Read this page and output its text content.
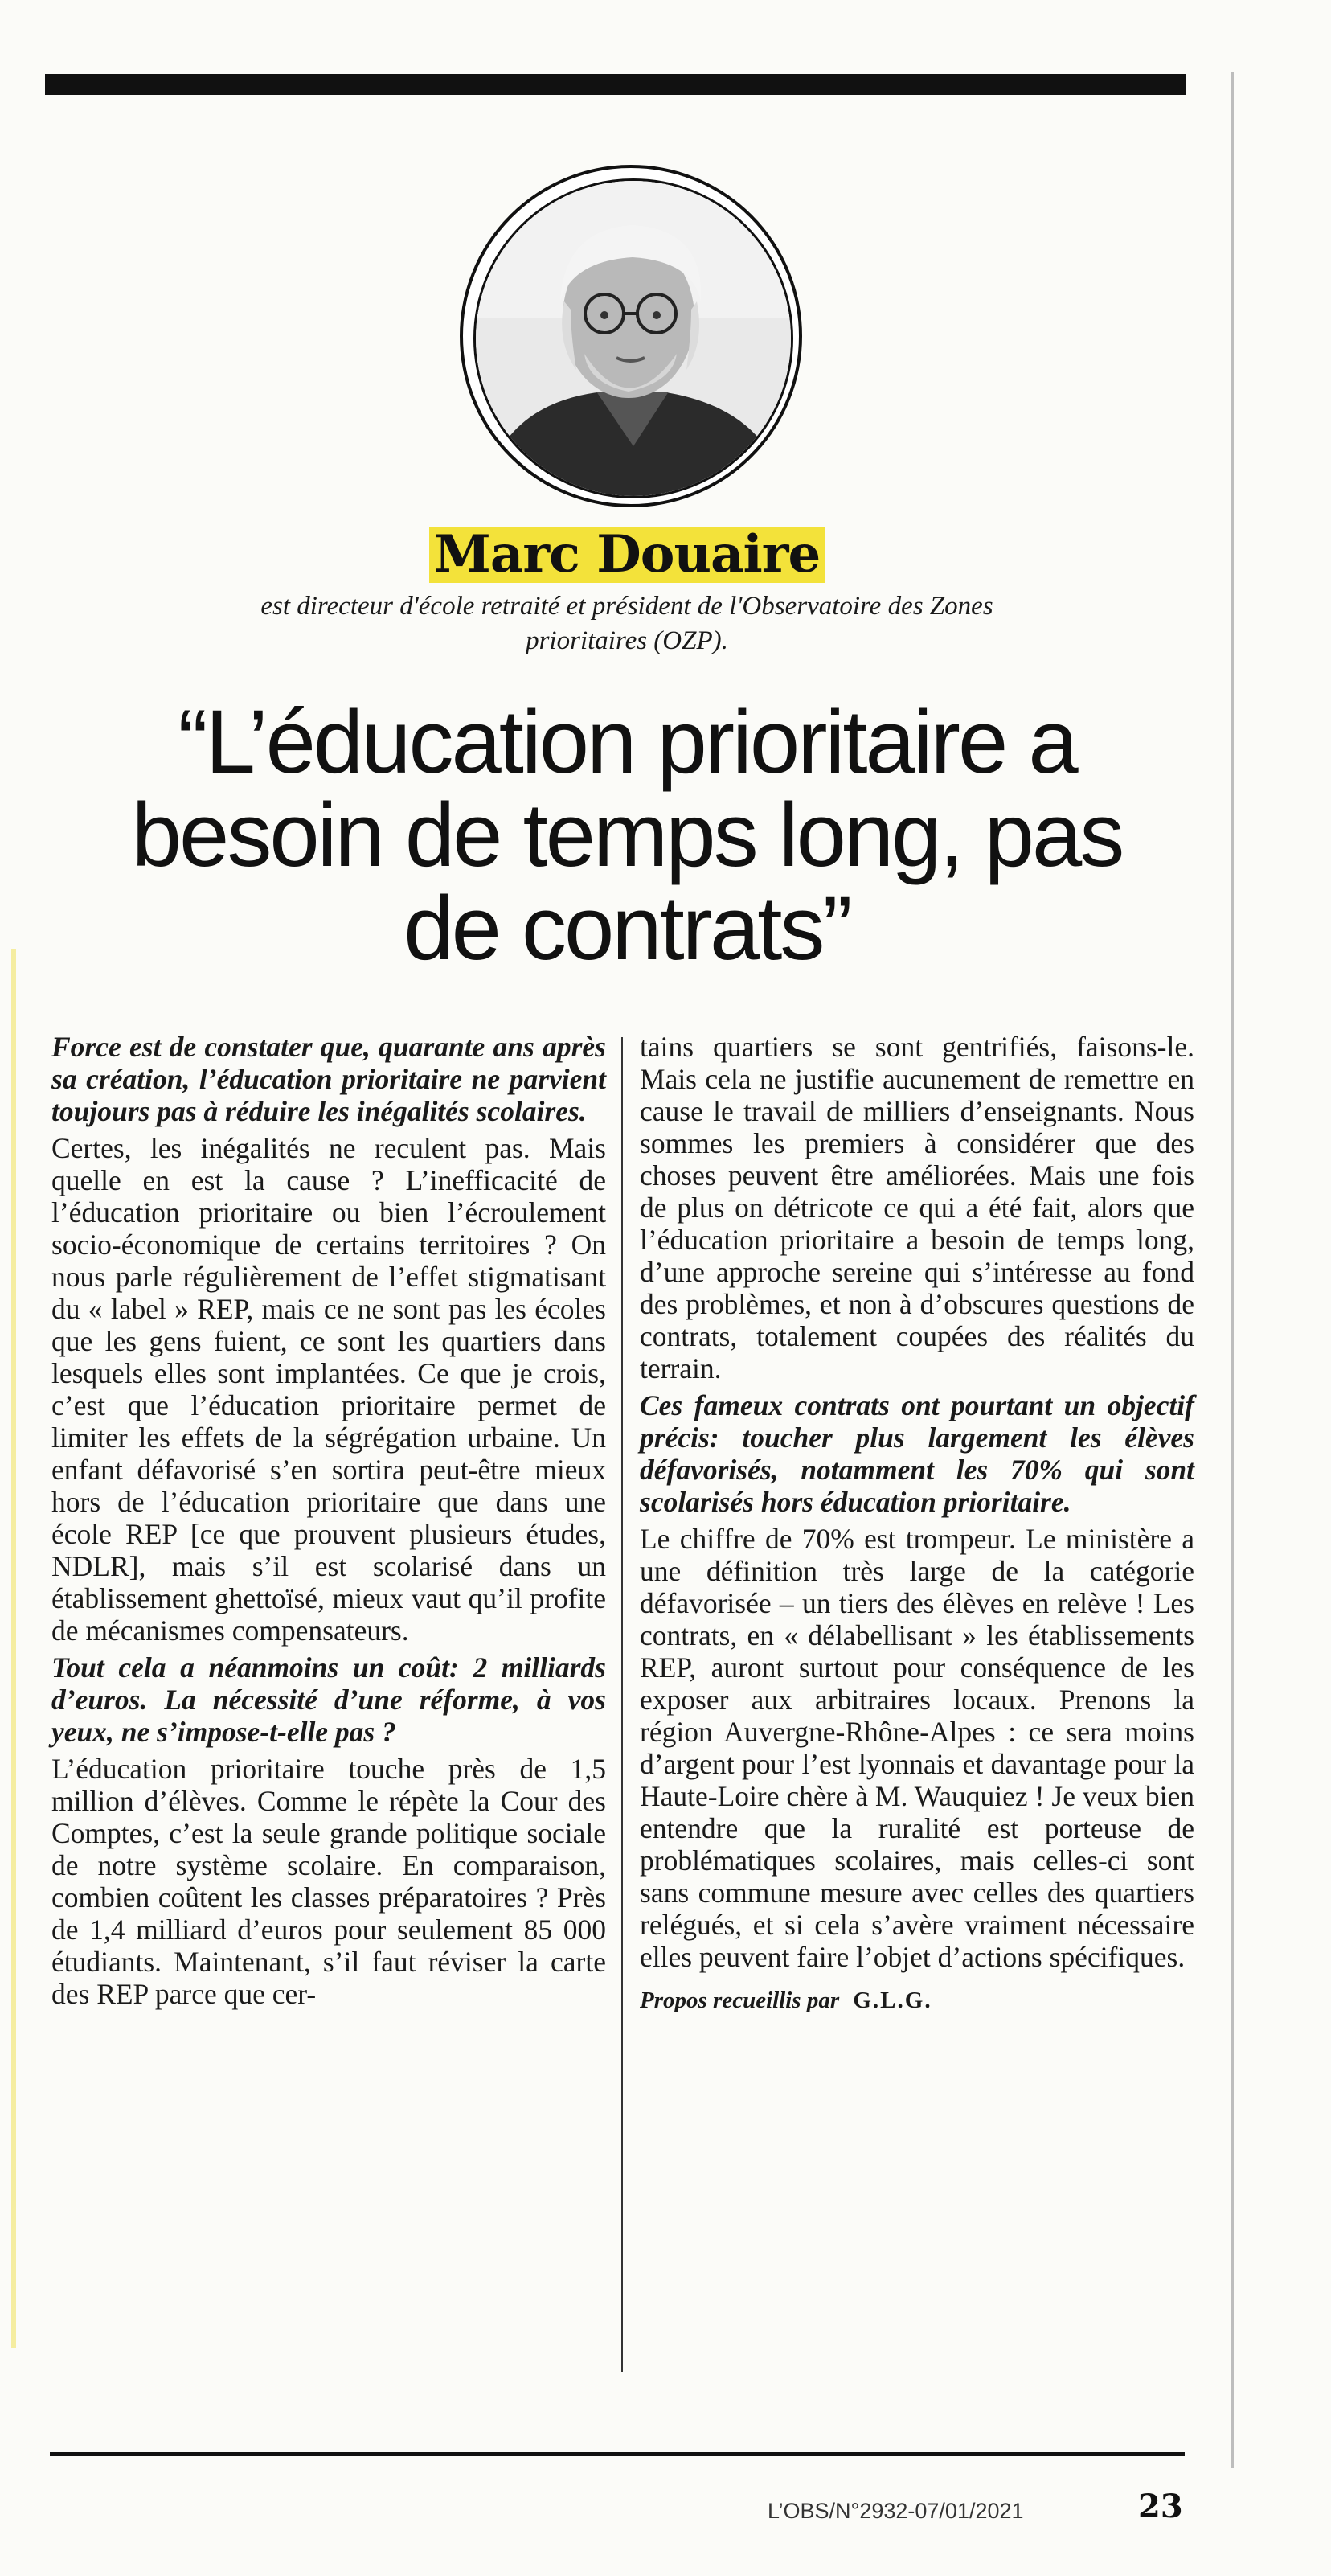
Marc Douaire
est directeur d'école retraité et président de l'Observatoire des Zones prioritaires (OZP).
“L’éducation prioritaire a besoin de temps long, pas de contrats”

Force est de constater que, quarante ans après sa création, l’éducation prioritaire ne parvient toujours pas à réduire les inégalités scolaires.

Certes, les inégalités ne reculent pas. Mais quelle en est la cause ? L’inefficacité de l’éducation prioritaire ou bien l’écroulement socio-économique de certains territoires ? On nous parle régulièrement de l’effet stigmatisant du « label » REP, mais ce ne sont pas les écoles que les gens fuient, ce sont les quartiers dans lesquels elles sont implantées. Ce que je crois, c’est que l’éducation prioritaire permet de limiter les effets de la ségrégation urbaine. Un enfant défavorisé s’en sortira peut-être mieux hors de l’éducation prioritaire que dans une école REP [ce que prouvent plusieurs études, NDLR], mais s’il est scolarisé dans un établissement ghettoïsé, mieux vaut qu’il profite de mécanismes compensateurs.

Tout cela a néanmoins un coût: 2 milliards d’euros. La nécessité d’une réforme, à vos yeux, ne s’impose-t-elle pas ?

L’éducation prioritaire touche près de 1,5 million d’élèves. Comme le répète la Cour des Comptes, c’est la seule grande politique sociale de notre système scolaire. En comparaison, combien coûtent les classes préparatoires ? Près de 1,4 milliard d’euros pour seulement 85 000 étudiants. Maintenant, s’il faut réviser la carte des REP parce que cer-

tains quartiers se sont gentrifiés, faisons-le. Mais cela ne justifie aucunement de remettre en cause le travail de milliers d’enseignants. Nous sommes les premiers à considérer que des choses peuvent être améliorées. Mais une fois de plus on détricote ce qui a été fait, alors que l’éducation prioritaire a besoin de temps long, d’une approche sereine qui s’intéresse au fond des problèmes, et non à d’obscures questions de contrats, totalement coupées des réalités du terrain.

Ces fameux contrats ont pourtant un objectif précis: toucher plus largement les élèves défavorisés, notamment les 70% qui sont scolarisés hors éducation prioritaire.

Le chiffre de 70% est trompeur. Le ministère a une définition très large de la catégorie défavorisée – un tiers des élèves en relève ! Les contrats, en « délabellisant » les établissements REP, auront surtout pour conséquence de les exposer aux arbitraires locaux. Prenons la région Auvergne-Rhône-Alpes : ce sera moins d’argent pour l’est lyonnais et davantage pour la Haute-Loire chère à M. Wauquiez ! Je veux bien entendre que la ruralité est porteuse de problématiques scolaires, mais celles-ci sont sans commune mesure avec celles des quartiers relégués, et si cela s’avère vraiment nécessaire elles peuvent faire l’objet d’actions spécifiques.

Propos recueillis par G.L.G.
L’OBS/N°2932-07/01/2021	23
